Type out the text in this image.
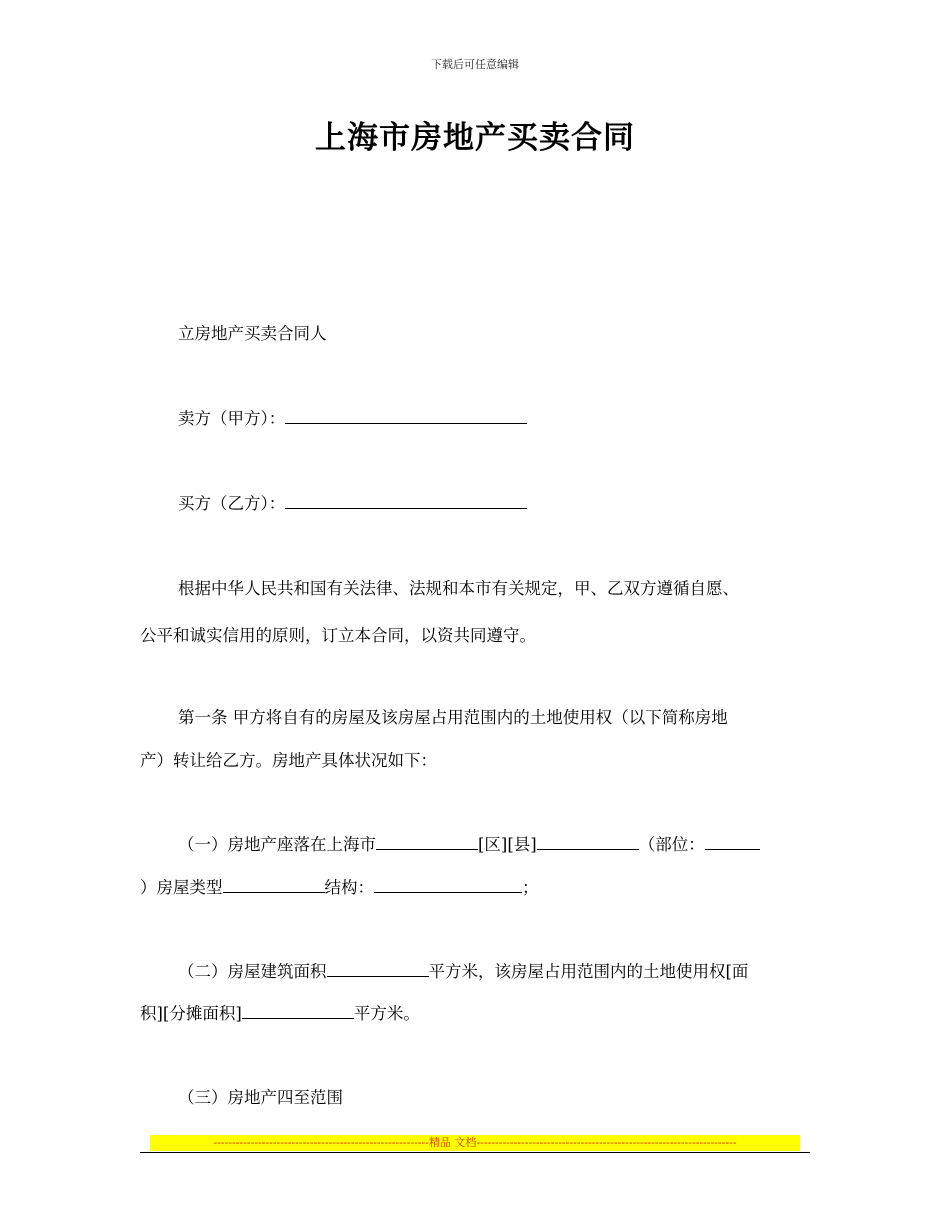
下载后可任意编辑
上海市房地产买卖合同
立房地产买卖合同人
卖方（甲方）：
买方（乙方）：
根据中华人民共和国有关法律、法规和本市有关规定，甲、乙双方遵循自愿、
公平和诚实信用的原则，订立本合同，以资共同遵守。
第一条 甲方将自有的房屋及该房屋占用范围内的土地使用权（以下简称房地
产）转让给乙方。房地产具体状况如下：
（一）房地产座落在上海市	[区][县]	（部位：
）房屋类型	结构：	；
（二）房屋建筑面积	平方米，该房屋占用范围内的土地使用权[面
积][分摊面积]	平方米。
（三）房地产四至范围
----------------------------------------------------------精品 文档----------------------------------------------------------------------
